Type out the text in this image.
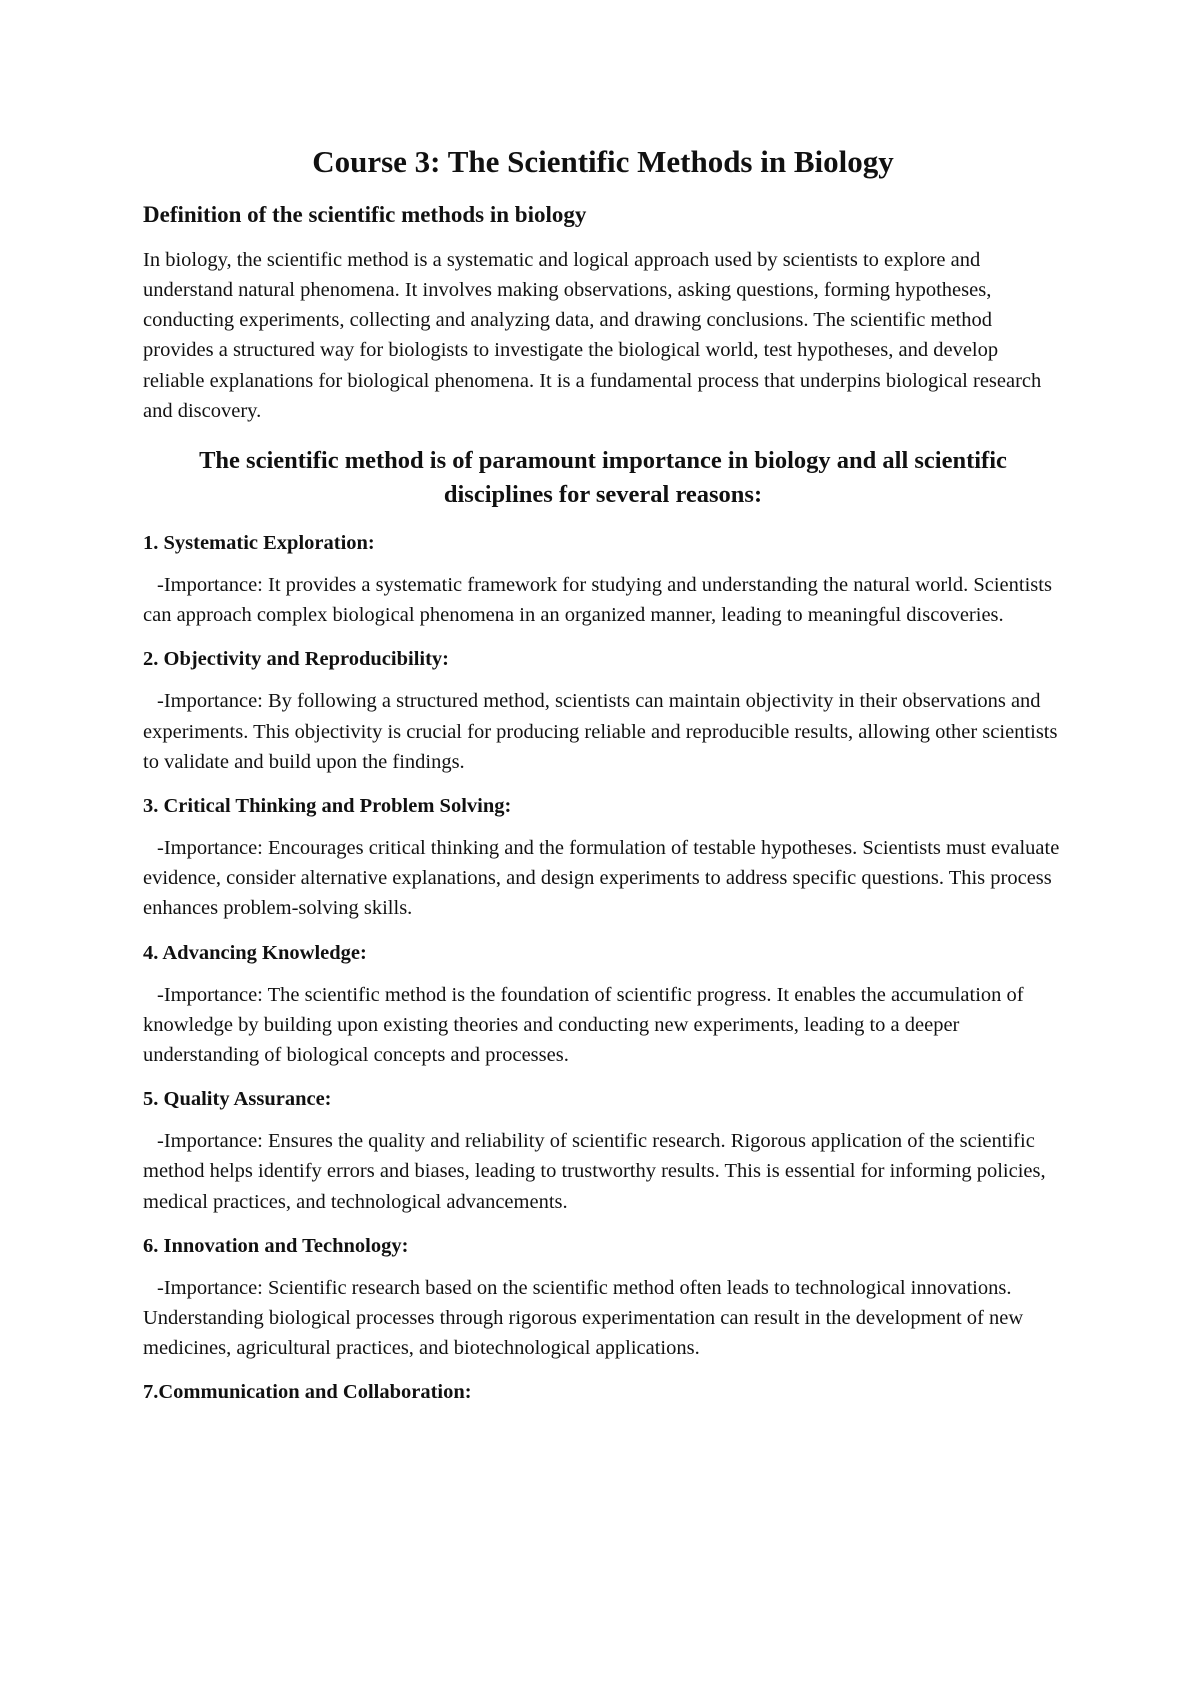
Course 3: The Scientific Methods in Biology
Definition of the scientific methods in biology

In biology, the scientific method is a systematic and logical approach used by scientists to explore and understand natural phenomena. It involves making observations, asking questions, forming hypotheses, conducting experiments, collecting and analyzing data, and drawing conclusions. The scientific method provides a structured way for biologists to investigate the biological world, test hypotheses, and develop reliable explanations for biological phenomena. It is a fundamental process that underpins biological research and discovery.

The scientific method is of paramount importance in biology and all scientific disciplines for several reasons:
1. Systematic Exploration:

-Importance: It provides a systematic framework for studying and understanding the natural world. Scientists can approach complex biological phenomena in an organized manner, leading to meaningful discoveries.

2. Objectivity and Reproducibility:

-Importance: By following a structured method, scientists can maintain objectivity in their observations and experiments. This objectivity is crucial for producing reliable and reproducible results, allowing other scientists to validate and build upon the findings.

3. Critical Thinking and Problem Solving:

-Importance: Encourages critical thinking and the formulation of testable hypotheses. Scientists must evaluate evidence, consider alternative explanations, and design experiments to address specific questions. This process enhances problem-solving skills.

4. Advancing Knowledge:

-Importance: The scientific method is the foundation of scientific progress. It enables the accumulation of knowledge by building upon existing theories and conducting new experiments, leading to a deeper understanding of biological concepts and processes.

5. Quality Assurance:

-Importance: Ensures the quality and reliability of scientific research. Rigorous application of the scientific method helps identify errors and biases, leading to trustworthy results. This is essential for informing policies, medical practices, and technological advancements.

6. Innovation and Technology:

-Importance: Scientific research based on the scientific method often leads to technological innovations. Understanding biological processes through rigorous experimentation can result in the development of new medicines, agricultural practices, and biotechnological applications.

7.Communication and Collaboration:
